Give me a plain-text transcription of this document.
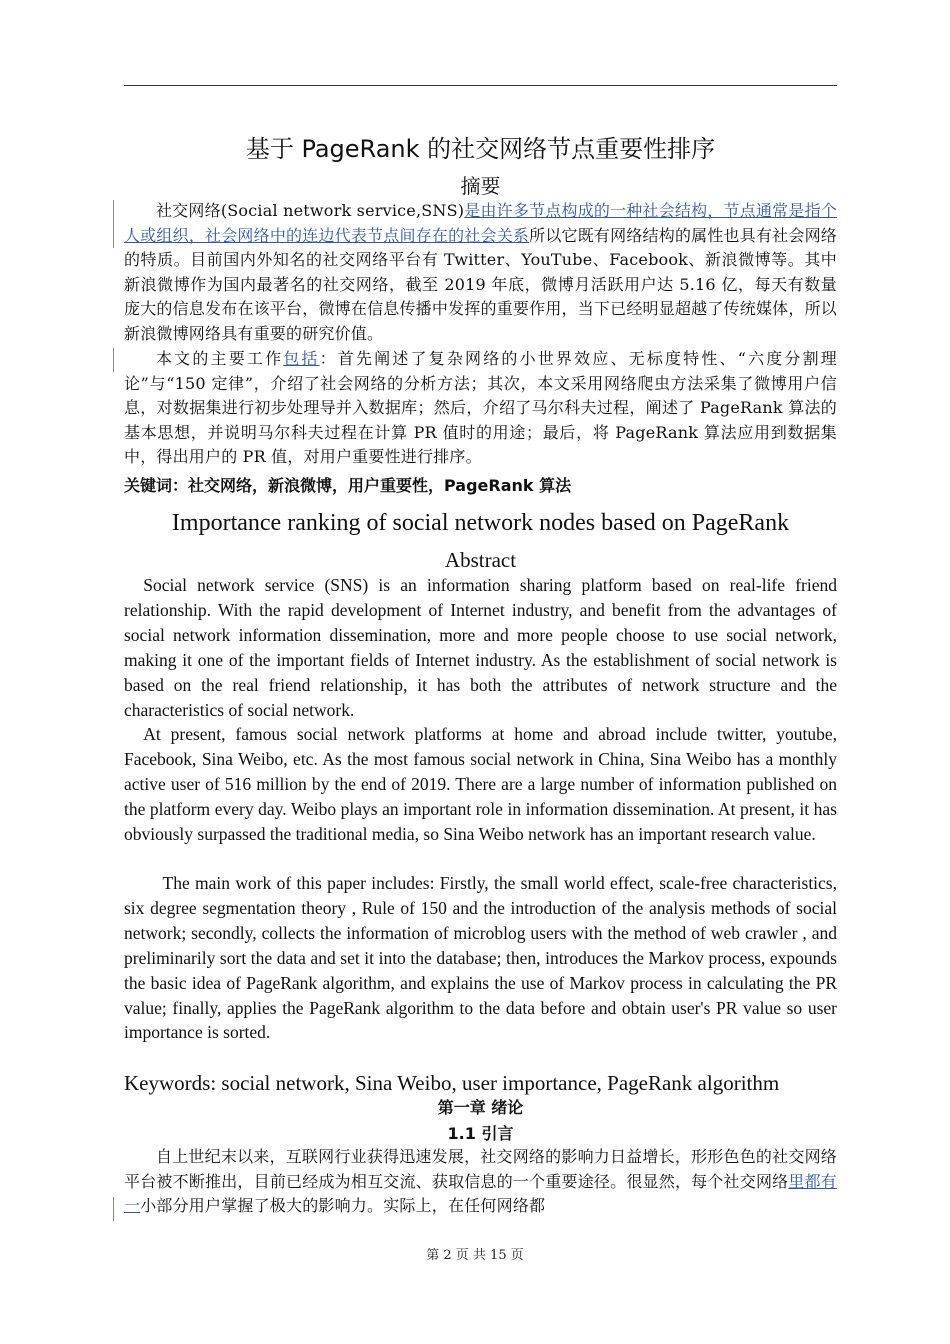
基于 PageRank 的社交网络节点重要性排序
摘要

社交网络(Social network service,SNS)是由许多节点构成的一种社会结构，节点通常是指个人或组织，社会网络中的连边代表节点间存在的社会关系所以它既有网络结构的属性也具有社会网络的特质。目前国内外知名的社交网络平台有 Twitter、YouTube、Facebook、新浪微博等。其中新浪微博作为国内最著名的社交网络，截至 2019 年底，微博月活跃用户达 5.16 亿，每天有数量庞大的信息发布在该平台，微博在信息传播中发挥的重要作用，当下已经明显超越了传统媒体，所以新浪微博网络具有重要的研究价值。

本文的主要工作包括：首先阐述了复杂网络的小世界效应、无标度特性、“六度分割理论”与“150 定律”，介绍了社会网络的分析方法；其次，本文采用网络爬虫方法采集了微博用户信息，对数据集进行初步处理导并入数据库；然后，介绍了马尔科夫过程，阐述了 PageRank 算法的基本思想，并说明马尔科夫过程在计算 PR 值时的用途；最后，将 PageRank 算法应用到数据集中，得出用户的 PR 值，对用户重要性进行排序。

关键词：社交网络，新浪微博，用户重要性，PageRank 算法
Importance ranking of social network nodes based on PageRank
Abstract

Social network service (SNS) is an information sharing platform based on real-life friend relationship. With the rapid development of Internet industry, and benefit from the advantages of social network information dissemination, more and more people choose to use social network, making it one of the important fields of Internet industry. As the establishment of social network is based on the real friend relationship, it has both the attributes of network structure and the characteristics of social network.

At present, famous social network platforms at home and abroad include twitter, youtube, Facebook, Sina Weibo, etc. As the most famous social network in China, Sina Weibo has a monthly active user of 516 million by the end of 2019. There are a large number of information published on the platform every day. Weibo plays an important role in information dissemination. At present, it has obviously surpassed the traditional media, so Sina Weibo network has an important research value.

The main work of this paper includes: Firstly, the small world effect, scale-free characteristics, six degree segmentation theory , Rule of 150 and the introduction of the analysis methods of social network; secondly, collects the information of microblog users with the method of web crawler , and preliminarily sort the data and set it into the database; then, introduces the Markov process, expounds the basic idea of PageRank algorithm, and explains the use of Markov process in calculating the PR value; finally, applies the PageRank algorithm to the data before and obtain user's PR value so user importance is sorted.

Keywords: social network, Sina Weibo, user importance, PageRank algorithm
第一章 绪论
1.1 引言

自上世纪末以来，互联网行业获得迅速发展，社交网络的影响力日益增长，形形色色的社交网络平台被不断推出，目前已经成为相互交流、获取信息的一个重要途径。很显然，每个社交网络里都有一小部分用户掌握了极大的影响力。实际上，在任何网络都

第 2 页 共 15 页
